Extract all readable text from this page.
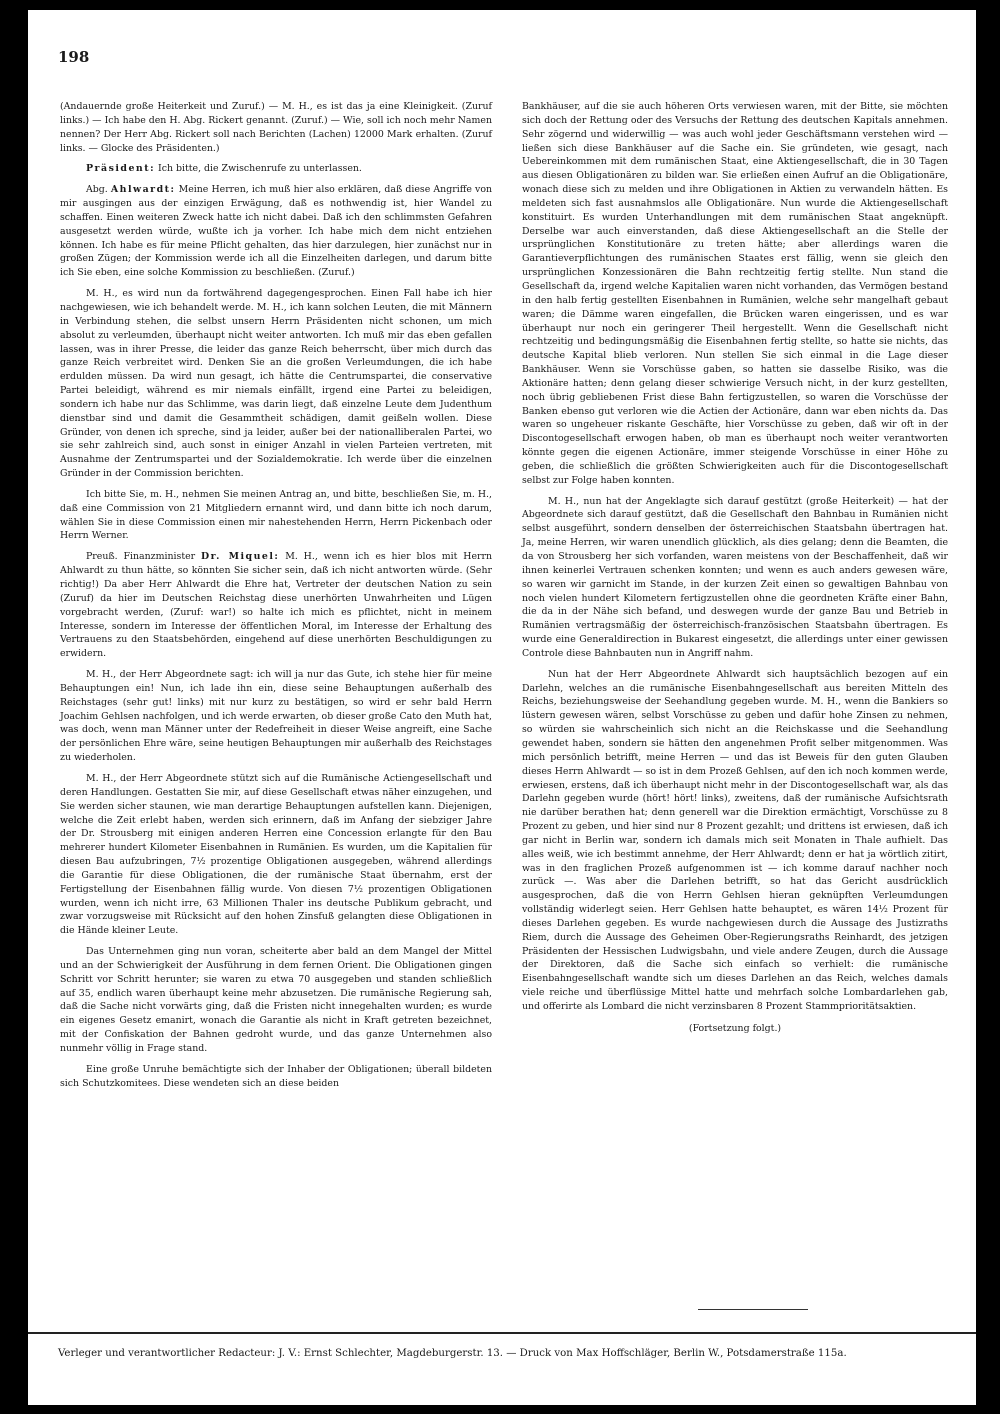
198

(Andauernde große Heiterkeit und Zuruf.) — M. H., es ist das ja eine Kleinigkeit. (Zuruf links.) — Ich habe den H. Abg. Rickert genannt. (Zuruf.) — Wie, soll ich noch mehr Namen nennen? Der Herr Abg. Rickert soll nach Berichten (Lachen) 12000 Mark erhalten. (Zuruf links. — Glocke des Präsidenten.)

Präsident: Ich bitte, die Zwischenrufe zu unterlassen.

Abg. Ahlwardt: Meine Herren, ich muß hier also erklären, daß diese Angriffe von mir ausgingen aus der einzigen Erwägung, daß es nothwendig ist, hier Wandel zu schaffen. Einen weiteren Zweck hatte ich nicht dabei. Daß ich den schlimmsten Gefahren ausgesetzt werden würde, wußte ich ja vorher. Ich habe mich dem nicht entziehen können. Ich habe es für meine Pflicht gehalten, das hier darzulegen, hier zunächst nur in großen Zügen; der Kommission werde ich all die Einzelheiten darlegen, und darum bitte ich Sie eben, eine solche Kommission zu beschließen. (Zuruf.)

M. H., es wird nun da fortwährend dagegengesprochen. Einen Fall habe ich hier nachgewiesen, wie ich behandelt werde. M. H., ich kann solchen Leuten, die mit Männern in Verbindung stehen, die selbst unsern Herrn Präsidenten nicht schonen, um mich absolut zu verleumden, überhaupt nicht weiter antworten. Ich muß mir das eben gefallen lassen, was in ihrer Presse, die leider das ganze Reich beherrscht, über mich durch das ganze Reich verbreitet wird. Denken Sie an die großen Verleumdungen, die ich habe erdulden müssen. Da wird nun gesagt, ich hätte die Centrumspartei, die conservative Partei beleidigt, während es mir niemals einfällt, irgend eine Partei zu beleidigen, sondern ich habe nur das Schlimme, was darin liegt, daß einzelne Leute dem Judenthum dienstbar sind und damit die Gesammtheit schädigen, damit geißeln wollen. Diese Gründer, von denen ich spreche, sind ja leider, außer bei der nationalliberalen Partei, wo sie sehr zahlreich sind, auch sonst in einiger Anzahl in vielen Parteien vertreten, mit Ausnahme der Zentrumspartei und der Sozialdemokratie. Ich werde über die einzelnen Gründer in der Commission berichten.

Ich bitte Sie, m. H., nehmen Sie meinen Antrag an, und bitte, beschließen Sie, m. H., daß eine Commission von 21 Mitgliedern ernannt wird, und dann bitte ich noch darum, wählen Sie in diese Commission einen mir nahestehenden Herrn, Herrn Pickenbach oder Herrn Werner.

Preuß. Finanzminister Dr. Miquel: M. H., wenn ich es hier blos mit Herrn Ahlwardt zu thun hätte, so könnten Sie sicher sein, daß ich nicht antworten würde. (Sehr richtig!) Da aber Herr Ahlwardt die Ehre hat, Vertreter der deutschen Nation zu sein (Zuruf) da hier im Deutschen Reichstag diese unerhörten Unwahrheiten und Lügen vorgebracht werden, (Zuruf: war!) so halte ich mich es pflichtet, nicht in meinem Interesse, sondern im Interesse der öffentlichen Moral, im Interesse der Erhaltung des Vertrauens zu den Staatsbehörden, eingehend auf diese unerhörten Beschuldigungen zu erwidern.

M. H., der Herr Abgeordnete sagt: ich will ja nur das Gute, ich stehe hier für meine Behauptungen ein! Nun, ich lade ihn ein, diese seine Behauptungen außerhalb des Reichstages (sehr gut! links) mit nur kurz zu bestätigen, so wird er sehr bald Herrn Joachim Gehlsen nachfolgen, und ich werde erwarten, ob dieser große Cato den Muth hat, was doch, wenn man Männer unter der Redefreiheit in dieser Weise angreift, eine Sache der persönlichen Ehre wäre, seine heutigen Behauptungen mir außerhalb des Reichstages zu wiederholen.

M. H., der Herr Abgeordnete stützt sich auf die Rumänische Actiengesellschaft und deren Handlungen. Gestatten Sie mir, auf diese Gesellschaft etwas näher einzugehen, und Sie werden sicher staunen, wie man derartige Behauptungen aufstellen kann. Diejenigen, welche die Zeit erlebt haben, werden sich erinnern, daß im Anfang der siebziger Jahre der Dr. Strousberg mit einigen anderen Herren eine Concession erlangte für den Bau mehrerer hundert Kilometer Eisenbahnen in Rumänien. Es wurden, um die Kapitalien für diesen Bau aufzubringen, 7½ prozentige Obligationen ausgegeben, während allerdings die Garantie für diese Obligationen, die der rumänische Staat übernahm, erst der Fertigstellung der Eisenbahnen fällig wurde. Von diesen 7½ prozentigen Obligationen wurden, wenn ich nicht irre, 63 Millionen Thaler ins deutsche Publikum gebracht, und zwar vorzugsweise mit Rücksicht auf den hohen Zinsfuß gelangten diese Obligationen in die Hände kleiner Leute.

Das Unternehmen ging nun voran, scheiterte aber bald an dem Mangel der Mittel und an der Schwierigkeit der Ausführung in dem fernen Orient. Die Obligationen gingen Schritt vor Schritt herunter; sie waren zu etwa 70 ausgegeben und standen schließlich auf 35, endlich waren überhaupt keine mehr abzusetzen. Die rumänische Regierung sah, daß die Sache nicht vorwärts ging, daß die Fristen nicht innegehalten wurden; es wurde ein eigenes Gesetz emanirt, wonach die Garantie als nicht in Kraft getreten bezeichnet, mit der Confiskation der Bahnen gedroht wurde, und das ganze Unternehmen also nunmehr völlig in Frage stand.

Eine große Unruhe bemächtigte sich der Inhaber der Obligationen; überall bildeten sich Schutzkomitees. Diese wendeten sich an diese beiden

Bankhäuser, auf die sie auch höheren Orts verwiesen waren, mit der Bitte, sie möchten sich doch der Rettung oder des Versuchs der Rettung des deutschen Kapitals annehmen. Sehr zögernd und widerwillig — was auch wohl jeder Geschäftsmann verstehen wird — ließen sich diese Bankhäuser auf die Sache ein. Sie gründeten, wie gesagt, nach Uebereinkommen mit dem rumänischen Staat, eine Aktiengesellschaft, die in 30 Tagen aus diesen Obligationären zu bilden war. Sie erließen einen Aufruf an die Obligationäre, wonach diese sich zu melden und ihre Obligationen in Aktien zu verwandeln hätten. Es meldeten sich fast ausnahmslos alle Obligationäre. Nun wurde die Aktiengesellschaft konstituirt. Es wurden Unterhandlungen mit dem rumänischen Staat angeknüpft. Derselbe war auch einverstanden, daß diese Aktiengesellschaft an die Stelle der ursprünglichen Konstitutionäre zu treten hätte; aber allerdings waren die Garantieverpflichtungen des rumänischen Staates erst fällig, wenn sie gleich den ursprünglichen Konzessionären die Bahn rechtzeitig fertig stellte. Nun stand die Gesellschaft da, irgend welche Kapitalien waren nicht vorhanden, das Vermögen bestand in den halb fertig gestellten Eisenbahnen in Rumänien, welche sehr mangelhaft gebaut waren; die Dämme waren eingefallen, die Brücken waren eingerissen, und es war überhaupt nur noch ein geringerer Theil hergestellt. Wenn die Gesellschaft nicht rechtzeitig und bedingungsmäßig die Eisenbahnen fertig stellte, so hatte sie nichts, das deutsche Kapital blieb verloren. Nun stellen Sie sich einmal in die Lage dieser Bankhäuser. Wenn sie Vorschüsse gaben, so hatten sie dasselbe Risiko, was die Aktionäre hatten; denn gelang dieser schwierige Versuch nicht, in der kurz gestellten, noch übrig gebliebenen Frist diese Bahn fertigzustellen, so waren die Vorschüsse der Banken ebenso gut verloren wie die Actien der Actionäre, dann war eben nichts da. Das waren so ungeheuer riskante Geschäfte, hier Vorschüsse zu geben, daß wir oft in der Discontogesellschaft erwogen haben, ob man es überhaupt noch weiter verantworten könnte gegen die eigenen Actionäre, immer steigende Vorschüsse in einer Höhe zu geben, die schließlich die größten Schwierigkeiten auch für die Discontogesellschaft selbst zur Folge haben konnten.

M. H., nun hat der Angeklagte sich darauf gestützt (große Heiterkeit) — hat der Abgeordnete sich darauf gestützt, daß die Gesellschaft den Bahnbau in Rumänien nicht selbst ausgeführt, sondern denselben der österreichischen Staatsbahn übertragen hat. Ja, meine Herren, wir waren unendlich glücklich, als dies gelang; denn die Beamten, die da von Strousberg her sich vorfanden, waren meistens von der Beschaffenheit, daß wir ihnen keinerlei Vertrauen schenken konnten; und wenn es auch anders gewesen wäre, so waren wir garnicht im Stande, in der kurzen Zeit einen so gewaltigen Bahnbau von noch vielen hundert Kilometern fertigzustellen ohne die geordneten Kräfte einer Bahn, die da in der Nähe sich befand, und deswegen wurde der ganze Bau und Betrieb in Rumänien vertragsmäßig der österreichisch-französischen Staatsbahn übertragen. Es wurde eine Generaldirection in Bukarest eingesetzt, die allerdings unter einer gewissen Controle diese Bahnbauten nun in Angriff nahm.

Nun hat der Herr Abgeordnete Ahlwardt sich hauptsächlich bezogen auf ein Darlehn, welches an die rumänische Eisenbahngesellschaft aus bereiten Mitteln des Reichs, beziehungsweise der Seehandlung gegeben wurde. M. H., wenn die Bankiers so lüstern gewesen wären, selbst Vorschüsse zu geben und dafür hohe Zinsen zu nehmen, so würden sie wahrscheinlich sich nicht an die Reichskasse und die Seehandlung gewendet haben, sondern sie hätten den angenehmen Profit selber mitgenommen. Was mich persönlich betrifft, meine Herren — und das ist Beweis für den guten Glauben dieses Herrn Ahlwardt — so ist in dem Prozeß Gehlsen, auf den ich noch kommen werde, erwiesen, erstens, daß ich überhaupt nicht mehr in der Discontogesellschaft war, als das Darlehn gegeben wurde (hört! hört! links), zweitens, daß der rumänische Aufsichtsrath nie darüber berathen hat; denn generell war die Direktion ermächtigt, Vorschüsse zu 8 Prozent zu geben, und hier sind nur 8 Prozent gezahlt; und drittens ist erwiesen, daß ich gar nicht in Berlin war, sondern ich damals mich seit Monaten in Thale aufhielt. Das alles weiß, wie ich bestimmt annehme, der Herr Ahlwardt; denn er hat ja wörtlich zitirt, was in den fraglichen Prozeß aufgenommen ist — ich komme darauf nachher noch zurück —. Was aber die Darlehen betrifft, so hat das Gericht ausdrücklich ausgesprochen, daß die von Herrn Gehlsen hieran geknüpften Verleumdungen vollständig widerlegt seien. Herr Gehlsen hatte behauptet, es wären 14½ Prozent für dieses Darlehen gegeben. Es wurde nachgewiesen durch die Aussage des Justizraths Riem, durch die Aussage des Geheimen Ober-Regierungsraths Reinhardt, des jetzigen Präsidenten der Hessischen Ludwigsbahn, und viele andere Zeugen, durch die Aussage der Direktoren, daß die Sache sich einfach so verhielt: die rumänische Eisenbahngesellschaft wandte sich um dieses Darlehen an das Reich, welches damals viele reiche und überflüssige Mittel hatte und mehrfach solche Lombardarlehen gab, und offerirte als Lombard die nicht verzinsbaren 8 Prozent Stammprioritätsaktien.

(Fortsetzung folgt.)

Verleger und verantwortlicher Redacteur: J. V.: Ernst Schlechter, Magdeburgerstr. 13. — Druck von Max Hoffschläger, Berlin W., Potsdamerstraße 115a.
